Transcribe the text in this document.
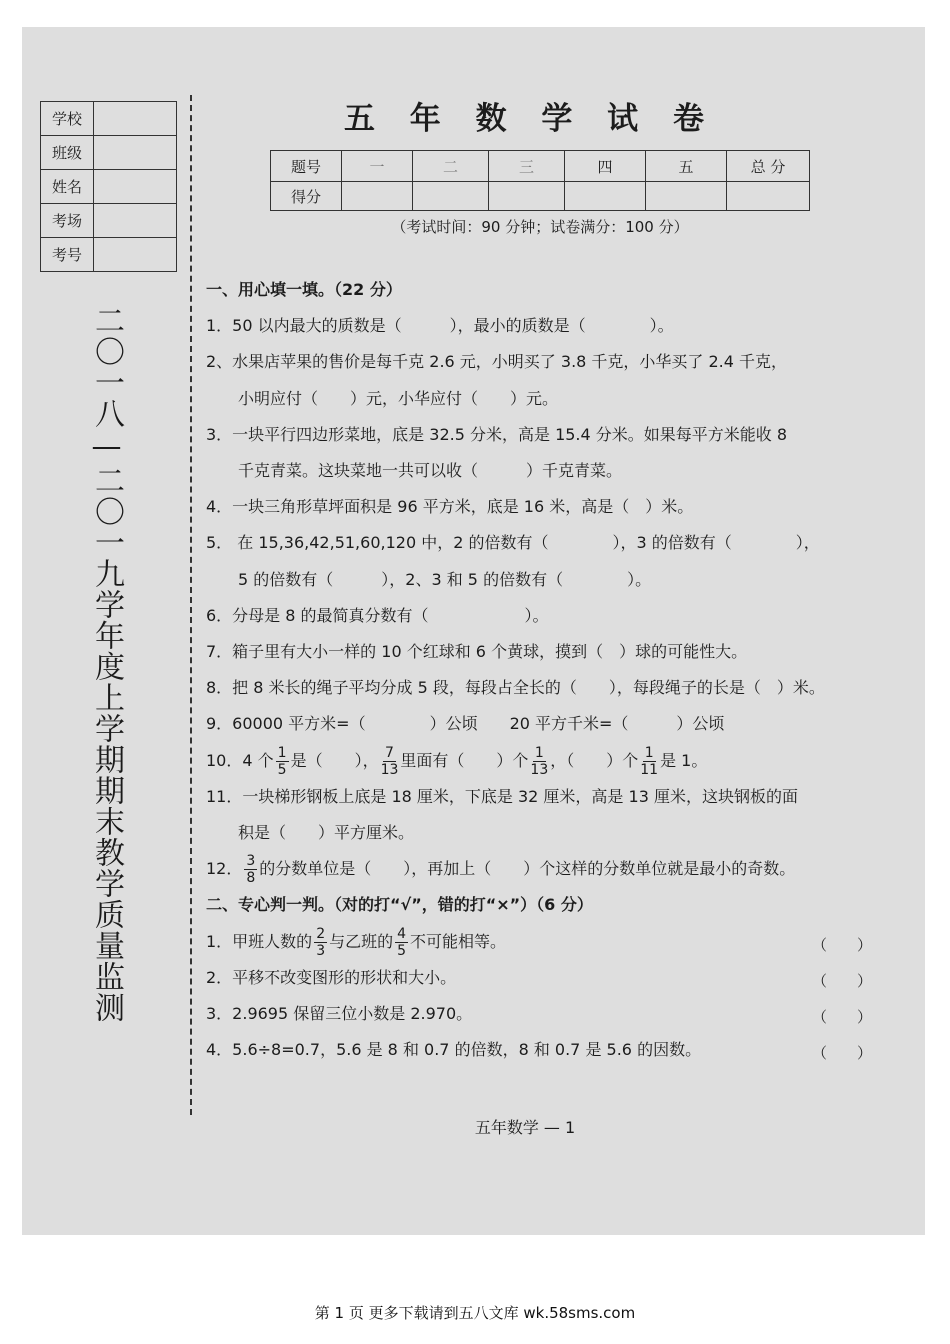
学校	
班级	
姓名	
考场	
考号	
二〇一八—二〇一九学年度上学期期末教学质量监测
五 年 数 学 试 卷
题号	一	二	三	四	五	总 分
得分						
（考试时间：90 分钟；试卷满分：100 分）
一、用心填一填。（22 分）
1．50 以内最大的质数是（　　　），最小的质数是（　　　　）。
2、水果店苹果的售价是每千克 2.6 元，小明买了 3.8 千克，小华买了 2.4 千克，
小明应付（　　）元，小华应付（　　）元。
3．一块平行四边形菜地，底是 32.5 分米，高是 15.4 分米。如果每平方米能收 8
千克青菜。这块菜地一共可以收（　　　）千克青菜。
4．一块三角形草坪面积是 96 平方米，底是 16 米，高是（　）米。
5． 在 15,36,42,51,60,120 中，2 的倍数有（　　　　），3 的倍数有（　　　　），
5 的倍数有（　　　），2、3 和 5 的倍数有（　　　　）。
6．分母是 8 的最简真分数有（　　　　　　）。
7．箱子里有大小一样的 10 个红球和 6 个黄球，摸到（　）球的可能性大。
8．把 8 米长的绳子平均分成 5 段，每段占全长的（　　），每段绳子的长是（　）米。
9．60000 平方米=（　　　　）公顷　　20 平方千米=（　　　）公顷
10．4 个 $\frac{1}{5}$ 是（　　）， $\frac{7}{13}$ 里面有（　　）个 $\frac{1}{13}$ ，（　　）个 $\frac{1}{11}$ 是 1。
11．一块梯形钢板上底是 18 厘米，下底是 32 厘米，高是 13 厘米，这块钢板的面
积是（　　）平方厘米。
12． $\frac{3}{8}$ 的分数单位是（　　），再加上（　　）个这样的分数单位就是最小的奇数。
二、专心判一判。（对的打“√”，错的打“×”）（6 分）
1．甲班人数的 $\frac{2}{3}$ 与乙班的 $\frac{4}{5}$ 不可能相等。
2．平移不改变图形的形状和大小。
3．2.9695 保留三位小数是 2.970。
4．5.6÷8=0.7，5.6 是 8 和 0.7 的倍数，8 和 0.7 是 5.6 的因数。
（　　）
（　　）
（　　）
（　　）
五年数学 — 1
第 1 页 更多下载请到五八文库 wk.58sms.com
